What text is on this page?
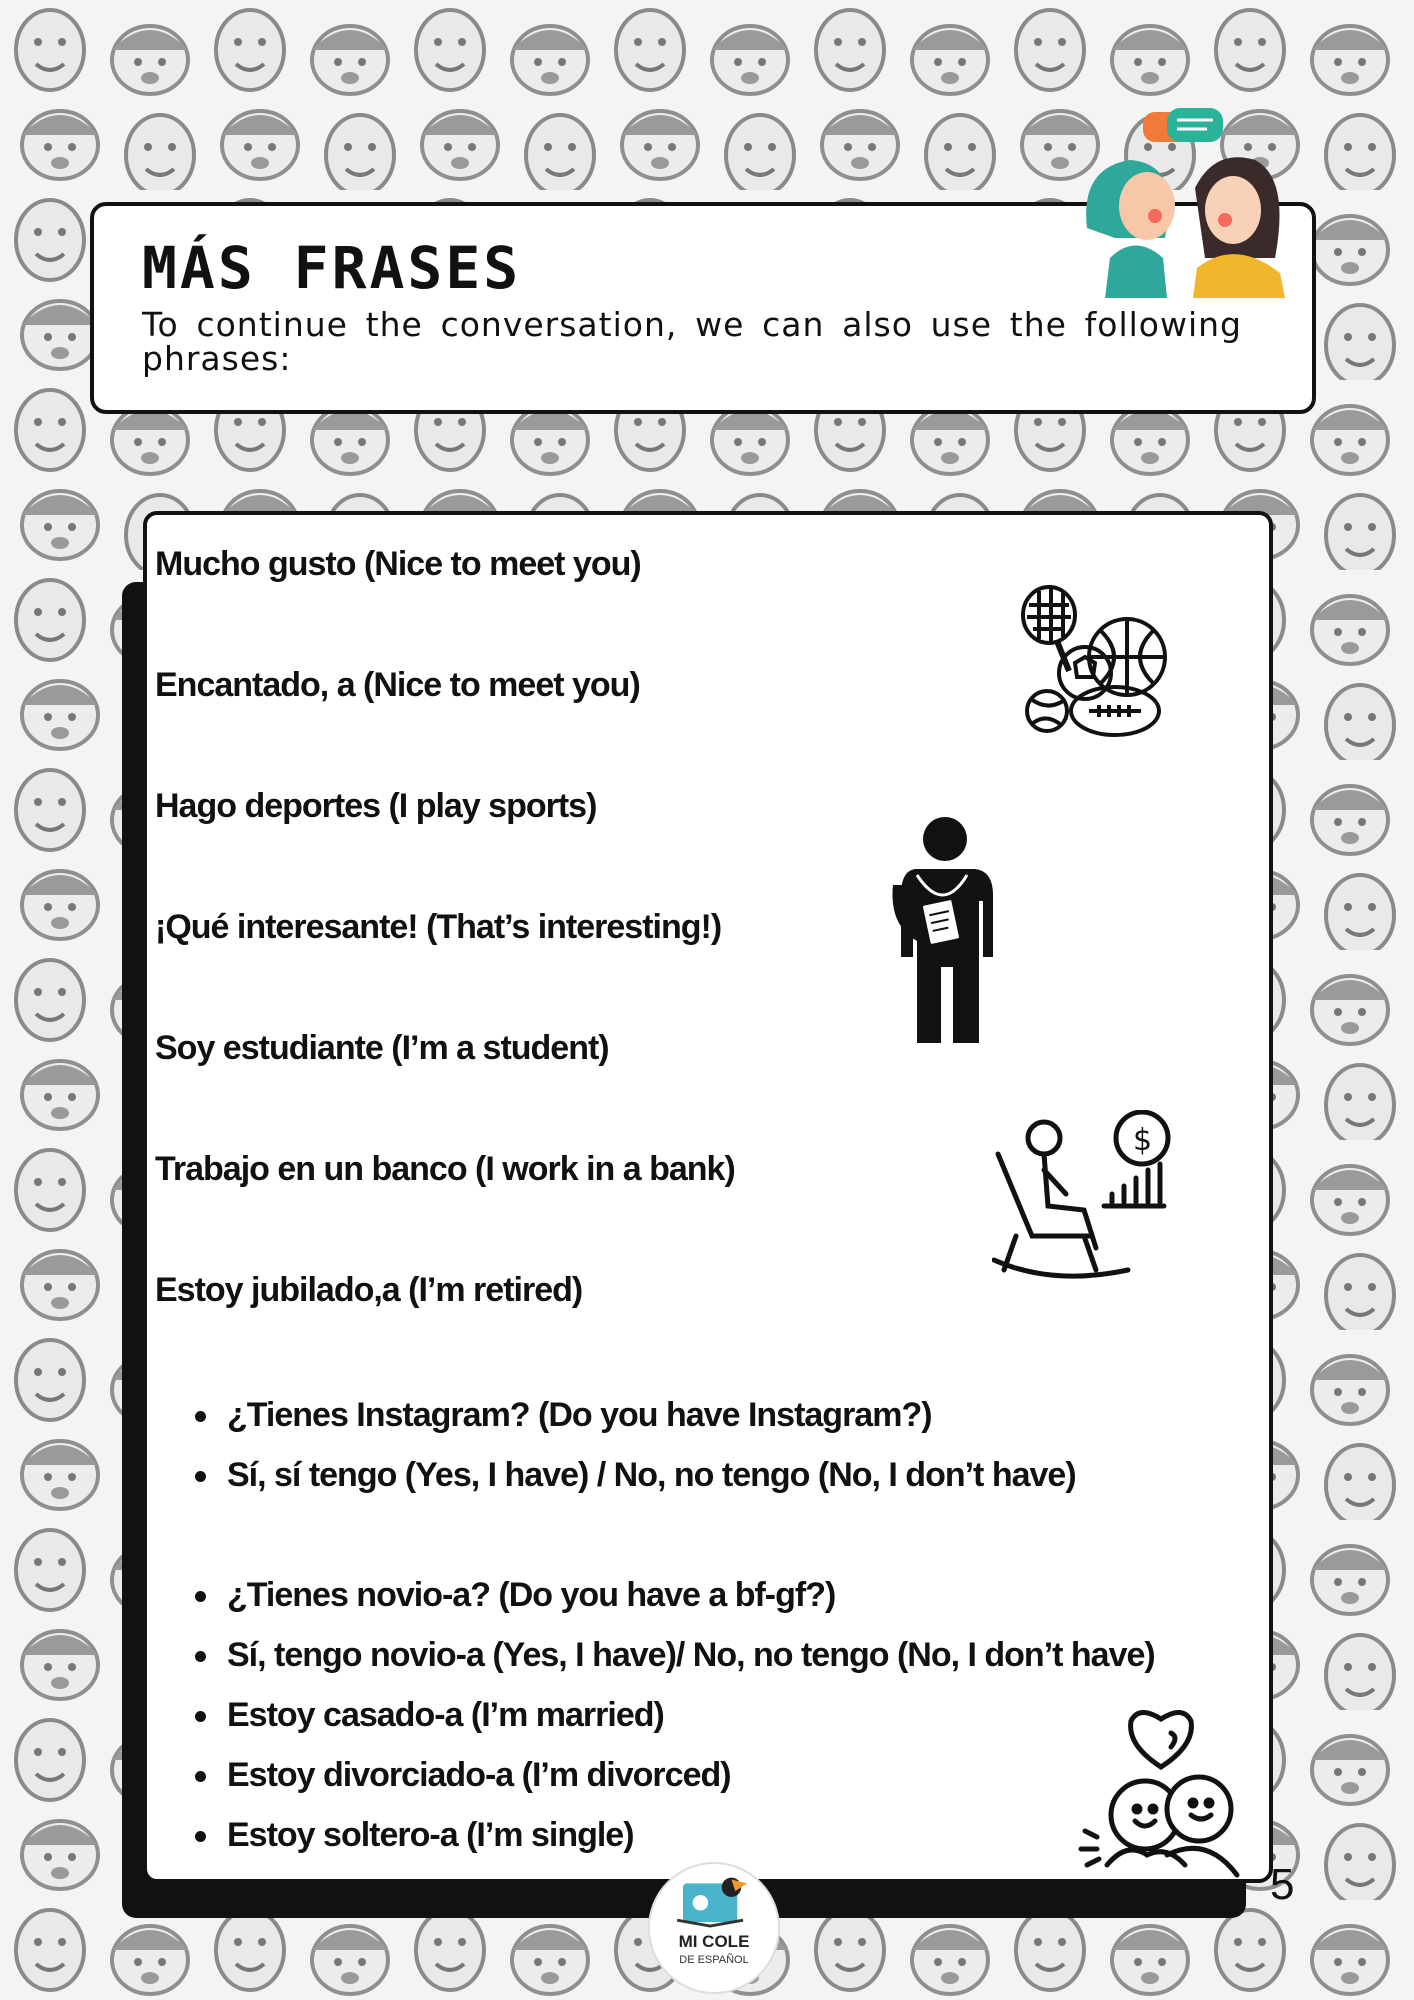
MÁS FRASES

To continue the conversation, we can also use the following phrases:

Mucho gusto (Nice to meet you)

Encantado, a (Nice to meet you)

Hago deportes (I play sports)

¡Qué interesante! (That’s interesting!)

Soy estudiante (I’m a student)

Trabajo en un banco (I work in a bank)

Estoy jubilado,a (I’m retired)

¿Tienes Instagram? (Do you have Instagram?)
Sí, sí tengo (Yes, I have) / No, no tengo (No, I don’t have)
¿Tienes novio-a? (Do you have a bf-gf?)
Sí, tengo novio-a (Yes, I have)/ No, no tengo (No, I don’t have)
Estoy casado-a (I’m married)
Estoy divorciado-a (I’m divorced)
Estoy soltero-a (I’m single)
$
MI COLE
DE ESPAÑOL
5
